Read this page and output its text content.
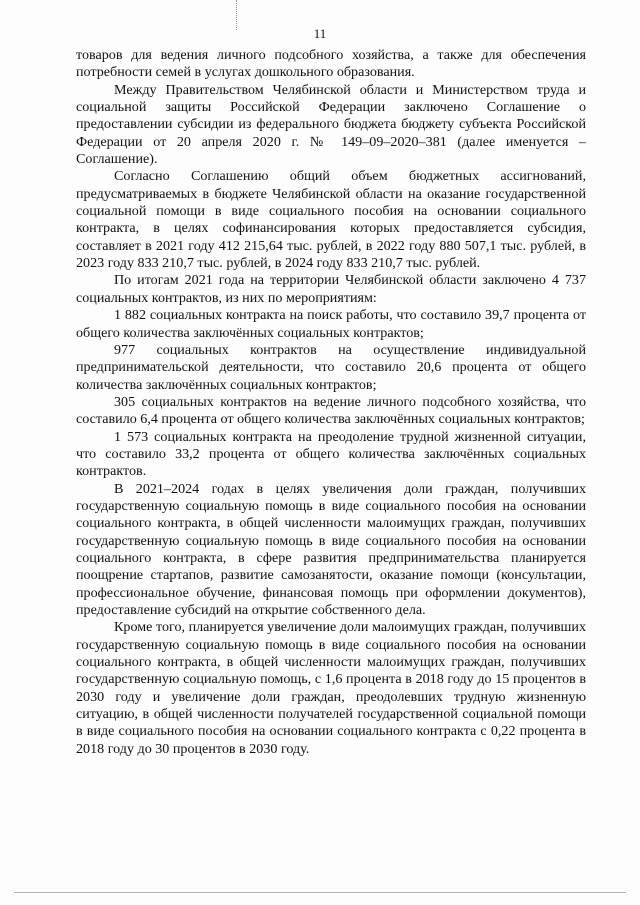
11

товаров для ведения личного подсобного хозяйства, а также для обеспечения потребности семей в услугах дошкольного образования.

Между Правительством Челябинской области и Министерством труда и социальной защиты Российской Федерации заключено Соглашение о предоставлении субсидии из федерального бюджета бюджету субъекта Российской Федерации от 20 апреля 2020 г. № 149–09–2020–381 (далее именуется – Соглашение).

Согласно Соглашению общий объем бюджетных ассигнований, предусматриваемых в бюджете Челябинской области на оказание государственной социальной помощи в виде социального пособия на основании социального контракта, в целях софинансирования которых предоставляется субсидия, составляет в 2021 году 412 215,64 тыс. рублей, в 2022 году 880 507,1 тыс. рублей, в 2023 году 833 210,7 тыс. рублей, в 2024 году 833 210,7 тыс. рублей.

По итогам 2021 года на территории Челябинской области заключено 4 737 социальных контрактов, из них по мероприятиям:

1 882 социальных контракта на поиск работы, что составило 39,7 процента от общего количества заключённых социальных контрактов;

977 социальных контрактов на осуществление индивидуальной предпринимательской деятельности, что составило 20,6 процента от общего количества заключённых социальных контрактов;

305 социальных контрактов на ведение личного подсобного хозяйства, что составило 6,4 процента от общего количества заключённых социальных контрактов;

1 573 социальных контракта на преодоление трудной жизненной ситуации, что составило 33,2 процента от общего количества заключённых социальных контрактов.

В 2021–2024 годах в целях увеличения доли граждан, получивших государственную социальную помощь в виде социального пособия на основании социального контракта, в общей численности малоимущих граждан, получивших государственную социальную помощь в виде социального пособия на основании социального контракта, в сфере развития предпринимательства планируется поощрение стартапов, развитие самозанятости, оказание помощи (консультации, профессиональное обучение, финансовая помощь при оформлении документов), предоставление субсидий на открытие собственного дела.

Кроме того, планируется увеличение доли малоимущих граждан, получивших государственную социальную помощь в виде социального пособия на основании социального контракта, в общей численности малоимущих граждан, получивших государственную социальную помощь, с 1,6 процента в 2018 году до 15 процентов в 2030 году и увеличение доли граждан, преодолевших трудную жизненную ситуацию, в общей численности получателей государственной социальной помощи в виде социального пособия на основании социального контракта с 0,22 процента в 2018 году до 30 процентов в 2030 году.
